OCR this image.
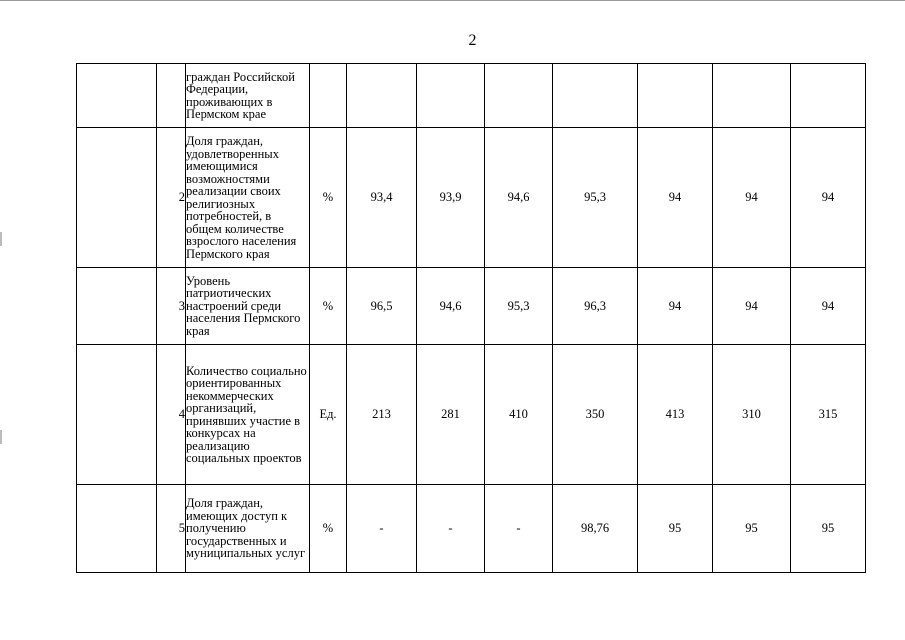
2
		граждан Российской Федерации, проживающих в Пермском крае								
	2	Доля граждан, удовлетворенных имеющимися возможностями реализации своих религиозных потребностей, в общем количестве взрослого населения Пермского края	%	93,4	93,9	94,6	95,3	94	94	94
	3	Уровень патриотических настроений среди населения Пермского края	%	96,5	94,6	95,3	96,3	94	94	94
	4	Количество социально ориентированных некоммерческих организаций, принявших участие в конкурсах на реализацию социальных проектов	Ед.	213	281	410	350	413	310	315
	5	Доля граждан, имеющих доступ к получению государственных и муниципальных услуг	%	-	-	-	98,76	95	95	95
